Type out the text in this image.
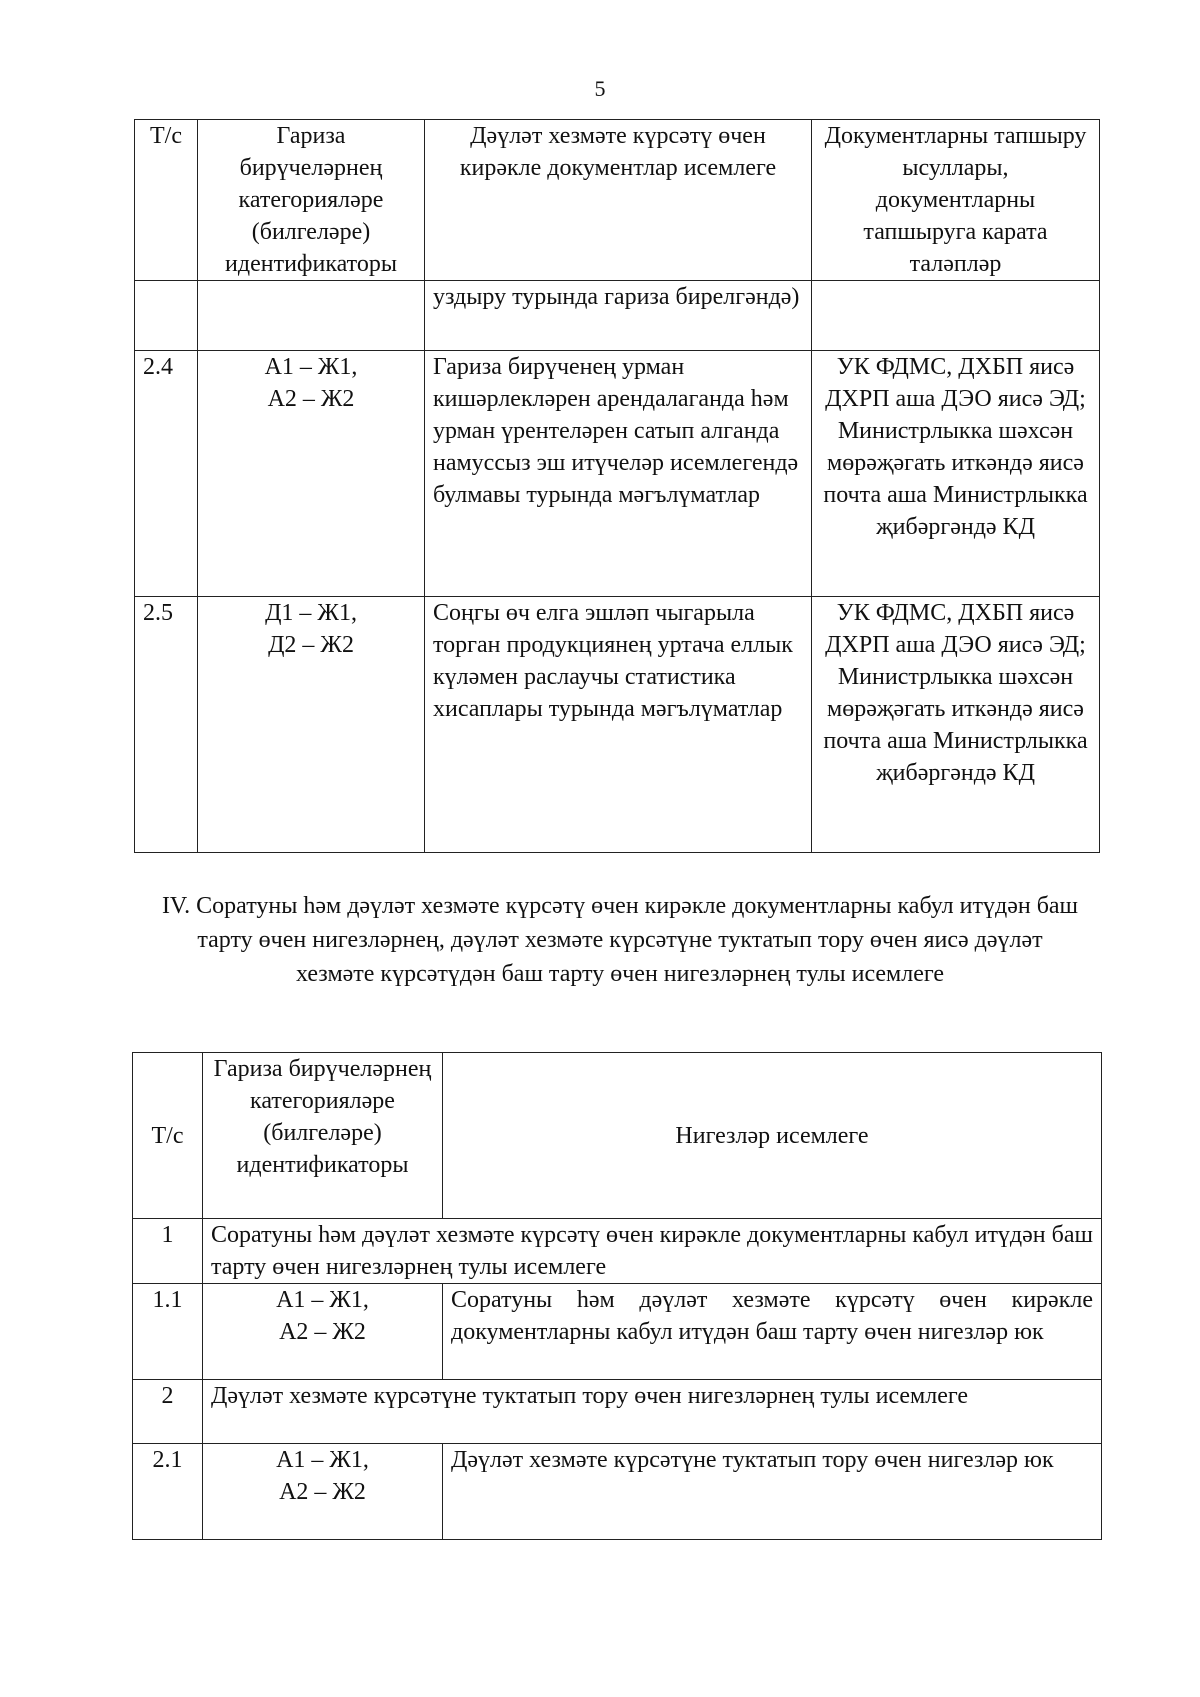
5
Т/с	Гариза бирүчеләрнең категорияләре (билгеләре) идентификаторы	Дәүләт хезмәте күрсәтү өчен кирәкле документлар исемлеге	Документларны тапшыру ысуллары, документларны тапшыруга карата таләпләр
		уздыру турында гариза бирелгәндә)	
2.4	А1 – Ж1, А2 – Ж2	Гариза бирүченең урман кишәрлекләрен арендалаганда һәм урман үрентеләрен сатып алганда намуссыз эш итүчеләр исемлегендә булмавы турында мәгълүматлар	УК ФДМС, ДХБП яисә ДХРП аша ДЭО яисә ЭД; Министрлыкка шәхсән мөрәҗәгать иткәндә яисә почта аша Министрлыкка җибәргәндә КД
2.5	Д1 – Ж1, Д2 – Ж2	Соңгы өч елга эшләп чыгарыла торган продукциянең уртача еллык күләмен раслаучы статистика хисаплары турында мәгълүматлар	УК ФДМС, ДХБП яисә ДХРП аша ДЭО яисә ЭД; Министрлыкка шәхсән мөрәҗәгать иткәндә яисә почта аша Министрлыкка җибәргәндә КД
IV. Соратуны һәм дәүләт хезмәте күрсәтү өчен кирәкле документларны кабул итүдән баш тарту өчен нигезләрнең, дәүләт хезмәте күрсәтүне туктатып тору өчен яисә дәүләт хезмәте күрсәтүдән баш тарту өчен нигезләрнең тулы исемлеге
Т/с	Гариза бирүчеләрнең категорияләре (билгеләре) идентификаторы	Нигезләр исемлеге
1	Соратуны һәм дәүләт хезмәте күрсәтү өчен кирәкле документларны кабул итүдән баш тарту өчен нигезләрнең тулы исемлеге	
1.1	А1 – Ж1, А2 – Ж2	Соратуны һәм дәүләт хезмәте күрсәтү өчен кирәкле документларны кабул итүдән баш тарту өчен нигезләр юк
2	Дәүләт хезмәте күрсәтүне туктатып тору өчен нигезләрнең тулы исемлеге	
2.1	А1 – Ж1, А2 – Ж2	Дәүләт хезмәте күрсәтүне туктатып тору өчен нигезләр юк
